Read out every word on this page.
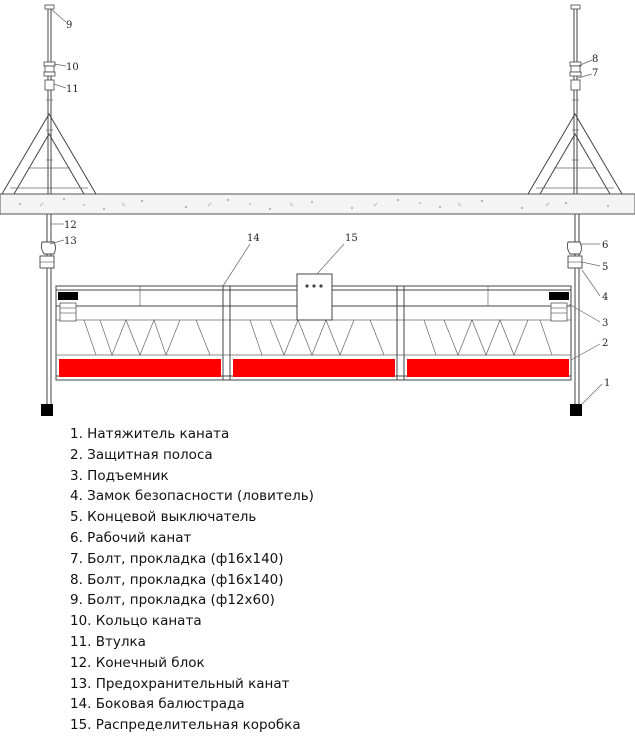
9
10
11
12
13	14	15
8
7
6
5
4
3
2
1
1. Натяжитель каната
2. Защитная полоса
3. Подъемник
4. Замок безопасности (ловитель)
5. Концевой выключатель
6. Рабочий канат
7. Болт, прокладка (ф16х140)
8. Болт, прокладка (ф16х140)
9. Болт, прокладка (ф12х60)
10. Кольцо каната
11. Втулка
12. Конечный блок
13. Предохранительный канат
14. Боковая балюстрада
15. Распределительная коробка
